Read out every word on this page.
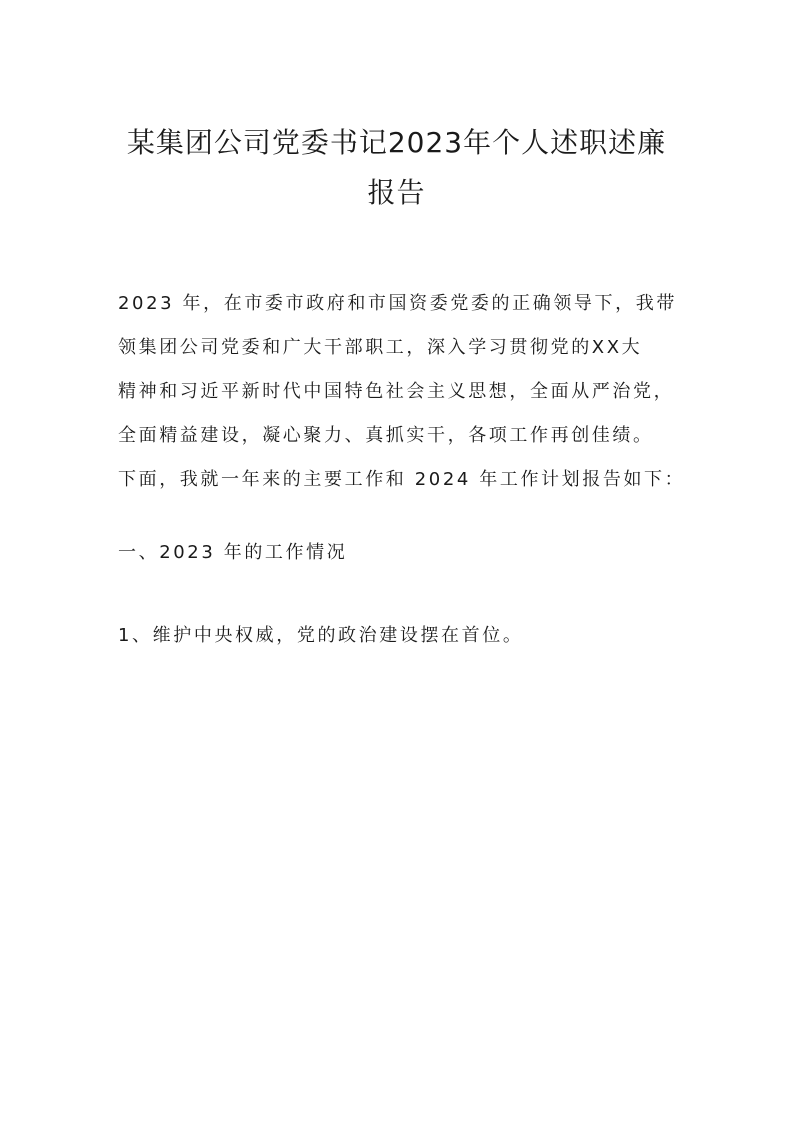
某集团公司党委书记2023年个人述职述廉
报告
2023 年，在市委市政府和市国资委党委的正确领导下，我带
领集团公司党委和广大干部职工，深入学习贯彻党的XX大
精神和习近平新时代中国特色社会主义思想，全面从严治党，
全面精益建设，凝心聚力、真抓实干，各项工作再创佳绩。
下面，我就一年来的主要工作和 2024 年工作计划报告如下：
一、2023 年的工作情况
1、维护中央权威，党的政治建设摆在首位。
